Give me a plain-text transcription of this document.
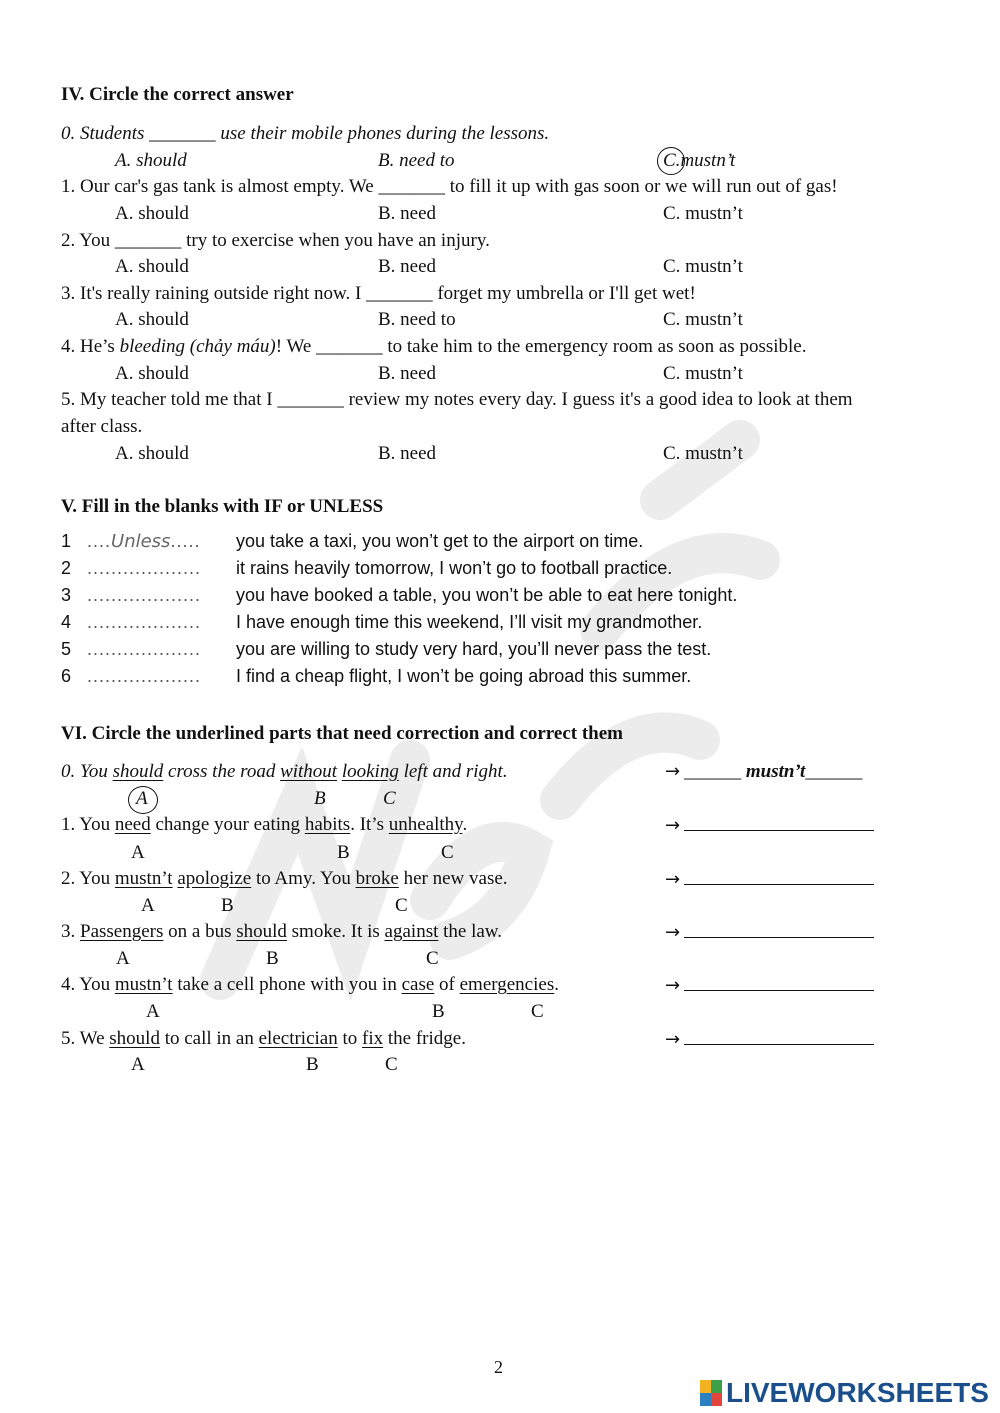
IV. Circle the correct answer
0. Students _______ use their mobile phones during the lessons.
A. should	B. need to	C.mustn’t
1. Our car's gas tank is almost empty. We _______ to fill it up with gas soon or we will run out of gas!
A. should	B. need	C. mustn’t
2. You _______ try to exercise when you have an injury.
A. should	B. need	C. mustn’t
3. It's really raining outside right now. I _______ forget my umbrella or I'll get wet!
A. should	B. need to	C. mustn’t
4. He’s bleeding (chảy máu)! We _______ to take him to the emergency room as soon as possible.
A. should	B. need	C. mustn’t
5. My teacher told me that I _______ review my notes every day. I guess it's a good idea to look at them
after class.
A. should	B. need	C. mustn’t
V. Fill in the blanks with IF or UNLESS
1 ....Unless..... you take a taxi, you won’t get to the airport on time.
2 ................... it rains heavily tomorrow, I won’t go to football practice.
3 ................... you have booked a table, you won’t be able to eat here tonight.
4 ................... I have enough time this weekend, I’ll visit my grandmother.
5 ................... you are willing to study very hard, you’ll never pass the test.
6 ................... I find a cheap flight, I won’t be going abroad this summer.
VI. Circle the underlined parts that need correction and correct them
0. You should cross the road without looking left and right.
A	B	C
→ ______ mustn’t______
1. You need change your eating habits. It’s unhealthy.
A	B	C
→
2. You mustn’t apologize to Amy. You broke her new vase.
A	B	C
→
3. Passengers on a bus should smoke. It is against the law.
A	B	C
→
4. You mustn’t take a cell phone with you in case of emergencies.
A	B	C
→
5. We should to call in an electrician to fix the fridge.
A	B	C
→
2
LIVEWORKSHEETS
